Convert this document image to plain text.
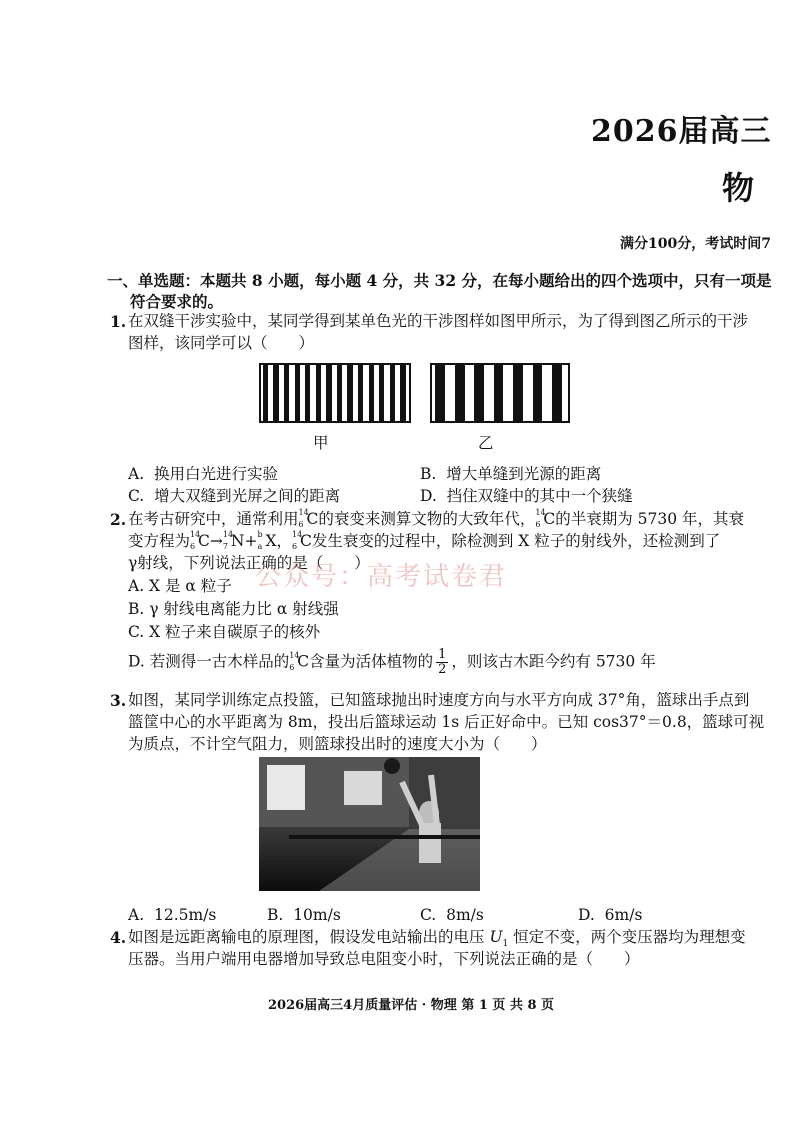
2026届高三
物
满分100分，考试时间7
一、单选题：本题共 8 小题，每小题 4 分，共 32 分，在每小题给出的四个选项中，只有一项是
符合要求的。
1. 在双缝干涉实验中，某同学得到某单色光的干涉图样如图甲所示，为了得到图乙所示的干涉
图样，该同学可以（　　）
甲	乙
A. 换用白光进行实验	B. 增大单缝到光源的距离
C. 增大双缝到光屏之间的距离	D. 挡住双缝中的其中一个狭缝
2. 在考古研究中，通常利用 14
6 C的衰变来测算文物的大致年代， 14
6 C的半衰期为 5730 年，其衰
变方程为 14
6 C→ 14
7 N+ b
a X， 14
6 C发生衰变的过程中，除检测到 X 粒子的射线外，还检测到了
γ射线，下列说法正确的是（　　）
公众号：高考试卷君
A. X 是 α 粒子
B. γ 射线电离能力比 α 射线强
C. X 粒子来自碳原子的核外
D. 若测得一古木样品的 14
6 C含量为活体植物的 $\frac{1}{2}$ ，则该古木距今约有 5730 年
3. 如图，某同学训练定点投篮，已知篮球抛出时速度方向与水平方向成 37°角，篮球出手点到
篮筐中心的水平距离为 8m，投出后篮球运动 1s 后正好命中。已知 cos37°＝0.8，篮球可视
为质点，不计空气阻力，则篮球投出时的速度大小为（　　）
A. 12.5m/s	B. 10m/s	C. 8m/s	D. 6m/s
4. 如图是远距离输电的原理图，假设发电站输出的电压 $U_1$ 恒定不变，两个变压器均为理想变
压器。当用户端用电器增加导致总电阻变小时，下列说法正确的是（　　）
2026届高三4月质量评估 · 物理 第 1 页 共 8 页
